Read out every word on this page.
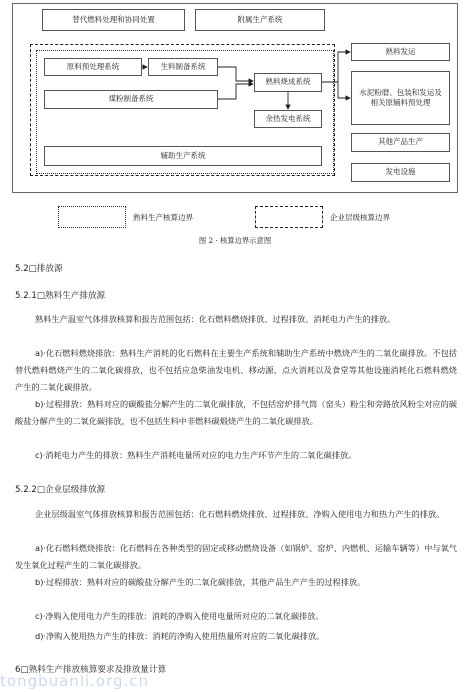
替代燃料处理和协同处置	附属生产系统
原料预处理系统	生料制备系统
煤粉制备系统
熟料烧成系统
余热发电系统
辅助生产系统
熟料发运
水泥粉磨、包装和发运及相关原辅料预处理
其他产品生产
发电设施
熟料生产核算边界	企业层级核算边界
图 2 · 核算边界示意图
5.2□排放源
5.2.1□熟料生产排放源
熟料生产温室气体排放核算和报告范围包括：化石燃料燃烧排放、过程排放、消耗电力产生的排放。
a)·化石燃料燃烧排放：熟料生产消耗的化石燃料在主要生产系统和辅助生产系统中燃烧产生的二氧化碳排放。不包括替代燃料燃烧产生的二氧化碳排放，也不包括应急柴油发电机、移动源、点火消耗以及食堂等其他设施消耗化石燃料燃烧产生的二氧化碳排放。
b)·过程排放：熟料对应的碳酸盐分解产生的二氧化碳排放，不包括窑炉排气筒（窑头）粉尘和旁路放风粉尘对应的碳酸盐分解产生的二氧化碳排放，也不包括生料中非燃料碳煅烧产生的二氧化碳排放。
c)·消耗电力产生的排放：熟料生产消耗电量所对应的电力生产环节产生的二氧化碳排放。
5.2.2□企业层级排放源
企业层级温室气体排放核算和报告范围包括：化石燃料燃烧排放、过程排放、净购入使用电力和热力产生的排放。
a)·化石燃料燃烧排放：化石燃料在各种类型的固定或移动燃烧设备（如锅炉、窑炉、内燃机、运输车辆等）中与氧气发生氧化过程产生的二氧化碳排放。
b)·过程排放：熟料对应的碳酸盐分解产生的二氧化碳排放，其他产品生产产生的过程排放。
c)·净购入使用电力产生的排放：消耗的净购入使用电量所对应的二氧化碳排放。
d)·净购入使用热力产生的排放：消耗的净购入使用热量所对应的二氧化碳排放。
6□熟料生产排放核算要求及排放量计算
tongbuanli.org.cn
